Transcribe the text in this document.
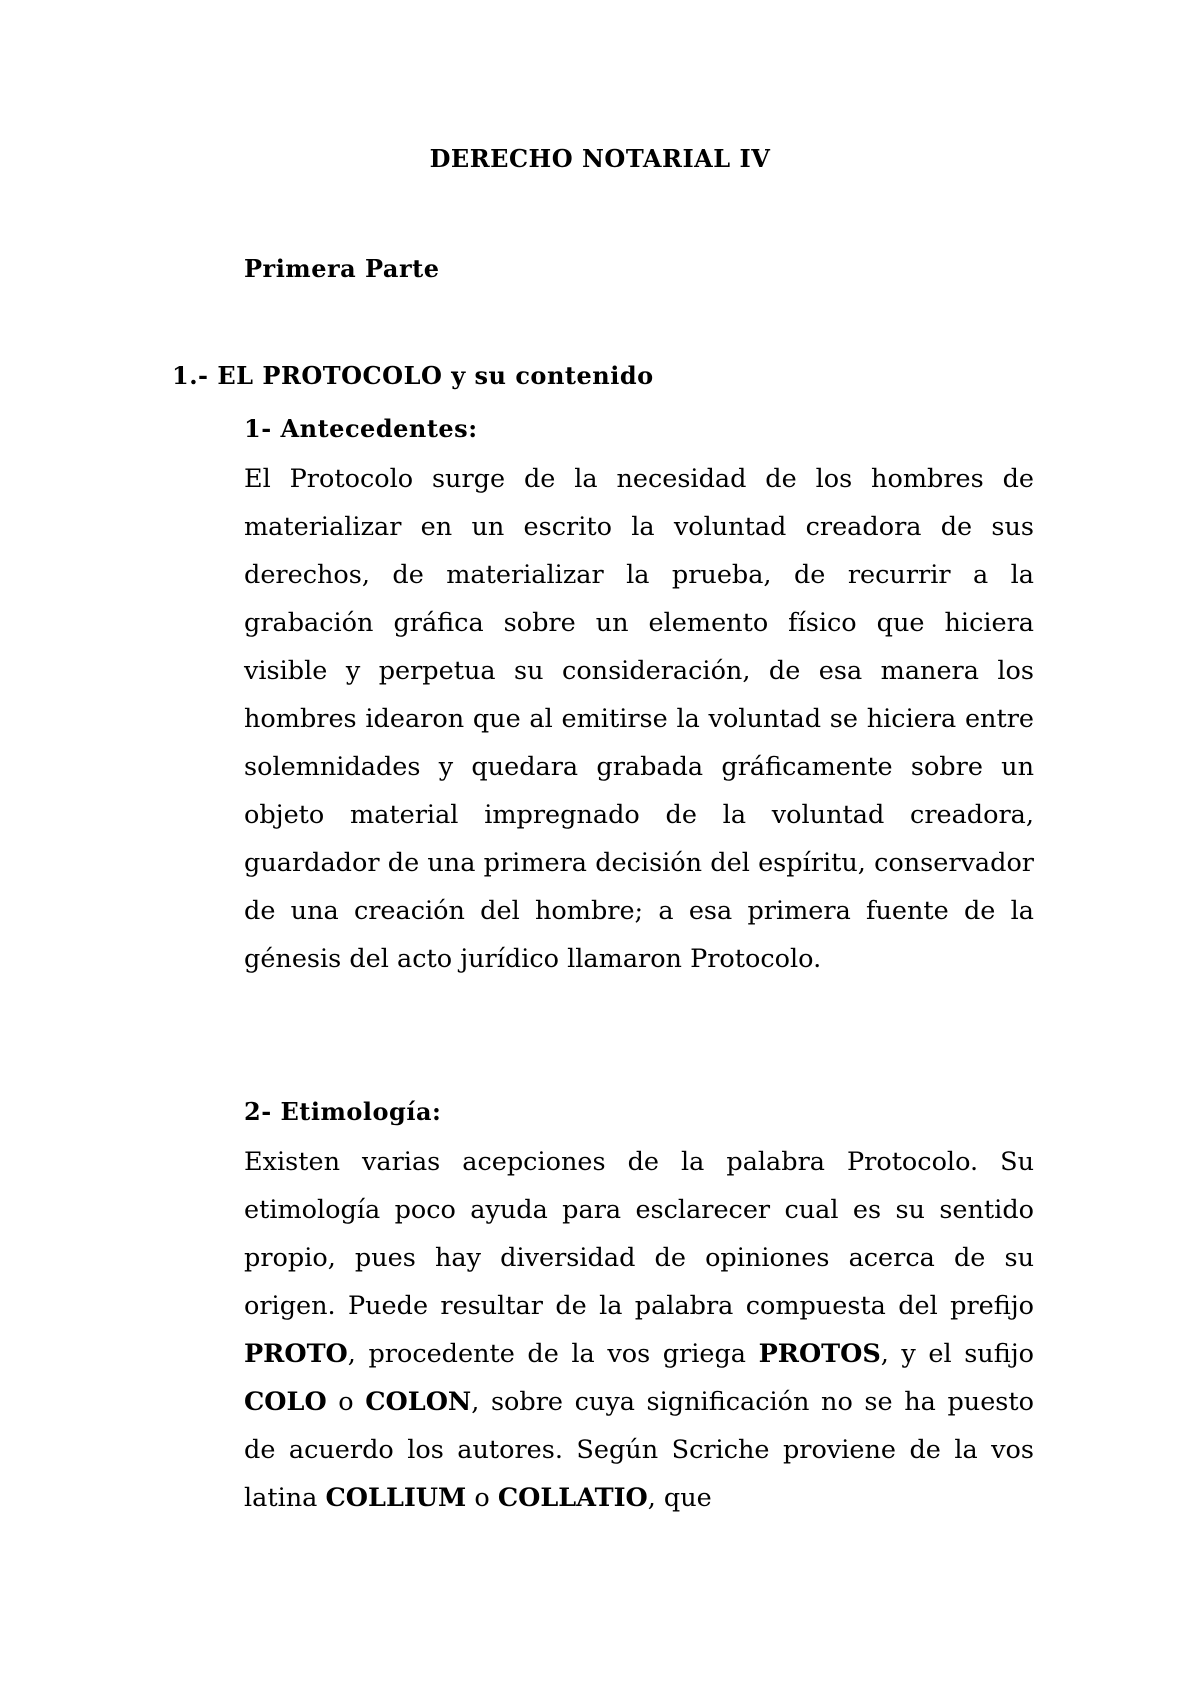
DERECHO NOTARIAL IV
Primera Parte
1.- EL PROTOCOLO y su contenido
1- Antecedentes:
El Protocolo surge de la necesidad de los hombres de materializar en un escrito la voluntad creadora de sus derechos, de materializar la prueba, de recurrir a la grabación gráfica sobre un elemento físico que hiciera visible y perpetua su consideración, de esa manera los hombres idearon que al emitirse la voluntad se hiciera entre solemnidades y quedara grabada gráficamente sobre un objeto material impregnado de la voluntad creadora, guardador de una primera decisión del espíritu, conservador de una creación del hombre; a esa primera fuente de la génesis del acto jurídico llamaron Protocolo.
2- Etimología:
Existen varias acepciones de la palabra Protocolo. Su etimología poco ayuda para esclarecer cual es su sentido propio, pues hay diversidad de opiniones acerca de su origen. Puede resultar de la palabra compuesta del prefijo PROTO, procedente de la vos griega PROTOS, y el sufijo COLO o COLON, sobre cuya significación no se ha puesto de acuerdo los autores. Según Scriche proviene de la vos latina COLLIUM o COLLATIO, que
